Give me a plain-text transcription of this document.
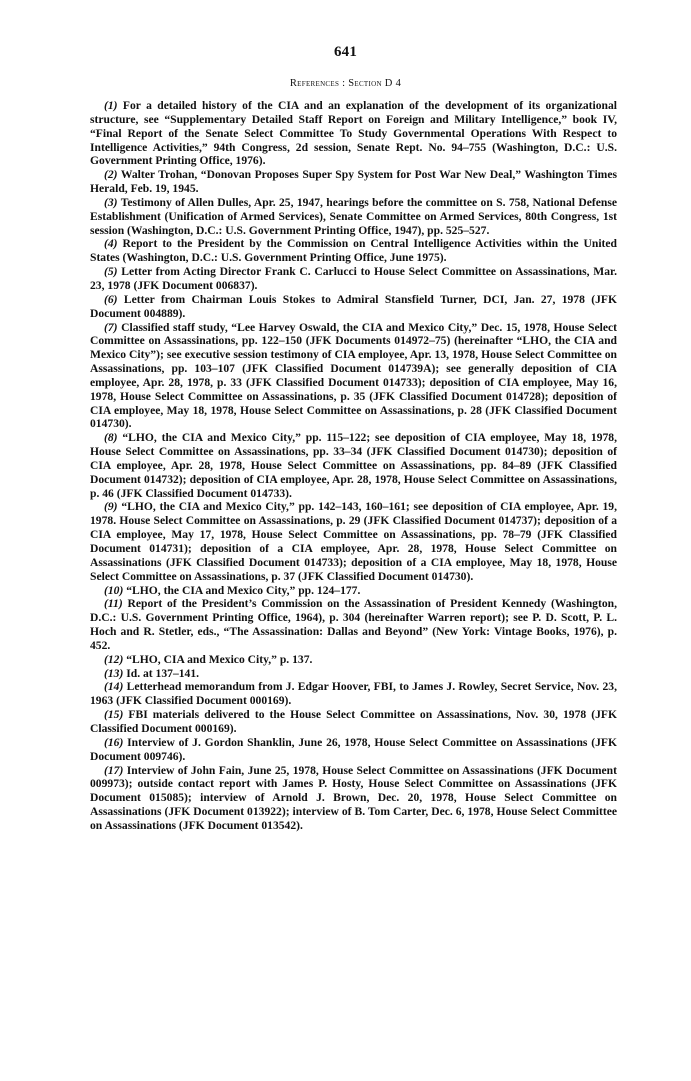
641
References : Section D 4

(1) For a detailed history of the CIA and an explanation of the development of its organizational structure, see “Supplementary Detailed Staff Report on Foreign and Military Intelligence,” book IV, “Final Report of the Senate Select Committee To Study Governmental Operations With Respect to Intelligence Activities,” 94th Congress, 2d session, Senate Rept. No. 94–755 (Washington, D.C.: U.S. Government Printing Office, 1976).

(2) Walter Trohan, “Donovan Proposes Super Spy System for Post War New Deal,” Washington Times Herald, Feb. 19, 1945.

(3) Testimony of Allen Dulles, Apr. 25, 1947, hearings before the committee on S. 758, National Defense Establishment (Unification of Armed Services), Senate Committee on Armed Services, 80th Congress, 1st session (Washington, D.C.: U.S. Government Printing Office, 1947), pp. 525–527.

(4) Report to the President by the Commission on Central Intelligence Activities within the United States (Washington, D.C.: U.S. Government Printing Office, June 1975).

(5) Letter from Acting Director Frank C. Carlucci to House Select Committee on Assassinations, Mar. 23, 1978 (JFK Document 006837).

(6) Letter from Chairman Louis Stokes to Admiral Stansfield Turner, DCI, Jan. 27, 1978 (JFK Document 004889).

(7) Classified staff study, “Lee Harvey Oswald, the CIA and Mexico City,” Dec. 15, 1978, House Select Committee on Assassinations, pp. 122–150 (JFK Documents 014972–75) (hereinafter “LHO, the CIA and Mexico City”); see executive session testimony of CIA employee, Apr. 13, 1978, House Select Committee on Assassinations, pp. 103–107 (JFK Classified Document 014739A); see generally deposition of CIA employee, Apr. 28, 1978, p. 33 (JFK Classified Document 014733); deposition of CIA employee, May 16, 1978, House Select Committee on Assassinations, p. 35 (JFK Classified Document 014728); deposition of CIA employee, May 18, 1978, House Select Committee on Assassinations, p. 28 (JFK Classified Document 014730).

(8) “LHO, the CIA and Mexico City,” pp. 115–122; see deposition of CIA employee, May 18, 1978, House Select Committee on Assassinations, pp. 33–34 (JFK Classified Document 014730); deposition of CIA employee, Apr. 28, 1978, House Select Committee on Assassinations, pp. 84–89 (JFK Classified Document 014732); deposition of CIA employee, Apr. 28, 1978, House Select Committee on Assassinations, p. 46 (JFK Classified Document 014733).

(9) “LHO, the CIA and Mexico City,” pp. 142–143, 160–161; see deposition of CIA employee, Apr. 19, 1978. House Select Committee on Assassinations, p. 29 (JFK Classified Document 014737); deposition of a CIA employee, May 17, 1978, House Select Committee on Assassinations, pp. 78–79 (JFK Classified Document 014731); deposition of a CIA employee, Apr. 28, 1978, House Select Committee on Assassinations (JFK Classified Document 014733); deposition of a CIA employee, May 18, 1978, House Select Committee on Assassinations, p. 37 (JFK Classified Document 014730).

(10) “LHO, the CIA and Mexico City,” pp. 124–177.

(11) Report of the President’s Commission on the Assassination of President Kennedy (Washington, D.C.: U.S. Government Printing Office, 1964), p. 304 (hereinafter Warren report); see P. D. Scott, P. L. Hoch and R. Stetler, eds., “The Assassination: Dallas and Beyond” (New York: Vintage Books, 1976), p. 452.

(12) “LHO, CIA and Mexico City,” p. 137.

(13) Id. at 137–141.

(14) Letterhead memorandum from J. Edgar Hoover, FBI, to James J. Rowley, Secret Service, Nov. 23, 1963 (JFK Classified Document 000169).

(15) FBI materials delivered to the House Select Committee on Assassinations, Nov. 30, 1978 (JFK Classified Document 000169).

(16) Interview of J. Gordon Shanklin, June 26, 1978, House Select Committee on Assassinations (JFK Document 009746).

(17) Interview of John Fain, June 25, 1978, House Select Committee on Assassinations (JFK Document 009973); outside contact report with James P. Hosty, House Select Committee on Assassinations (JFK Document 015085); interview of Arnold J. Brown, Dec. 20, 1978, House Select Committee on Assassinations (JFK Document 013922); interview of B. Tom Carter, Dec. 6, 1978, House Select Committee on Assassinations (JFK Document 013542).
